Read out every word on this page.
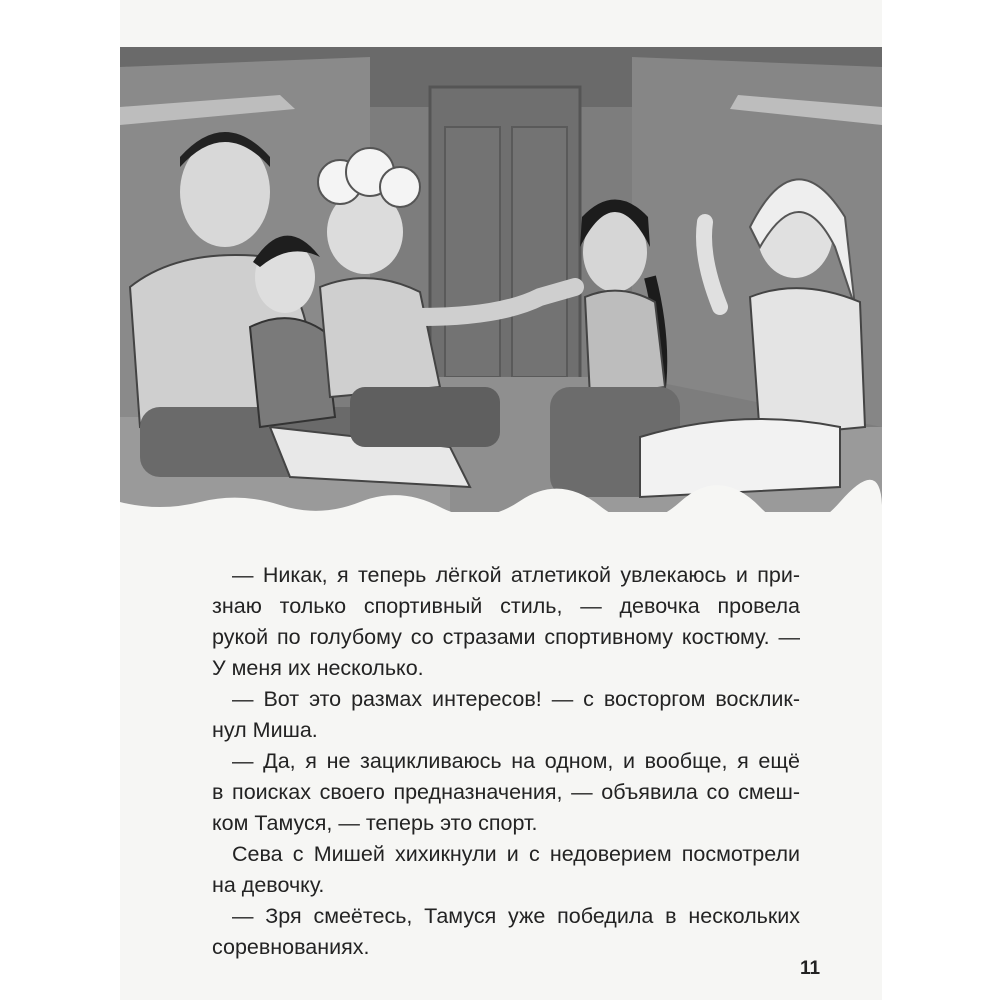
— Никак, я теперь лёгкой атлетикой увлекаюсь и при-
знаю только спортивный стиль, — девочка провела
рукой по голубому со стразами спортивному костюму. —
У меня их несколько.
— Вот это размах интересов! — с восторгом восклик-
нул Миша.
— Да, я не зацикливаюсь на одном, и вообще, я ещё
в поисках своего предназначения, — объявила со смеш-
ком Тамуся, — теперь это спорт.
Сева с Мишей хихикнули и с недоверием посмотрели
на девочку.
— Зря смеётесь, Тамуся уже победила в нескольких
соревнованиях.
11
